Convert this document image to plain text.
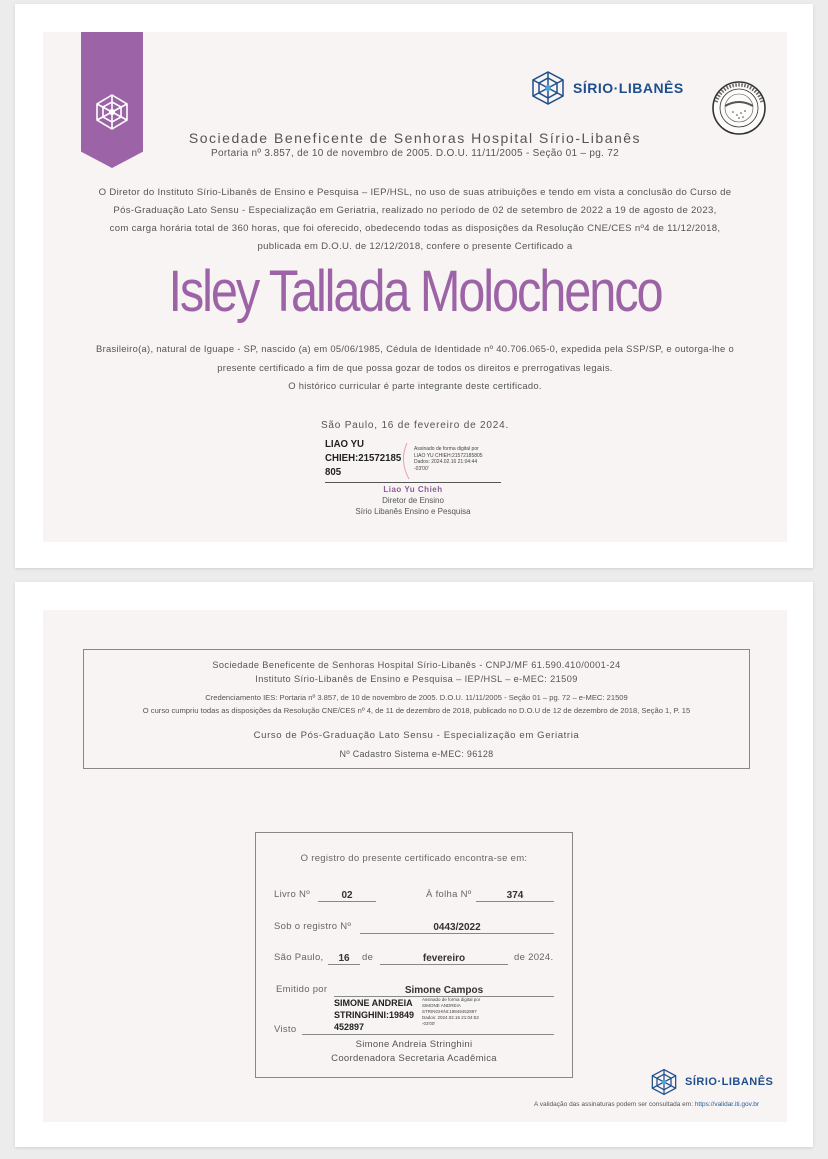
SÍRIO·LIBANÊS
Sociedade Beneficente de Senhoras Hospital Sírio-Libanês
Portaria nº 3.857, de 10 de novembro de 2005. D.O.U. 11/11/2005 - Seção 01 – pg. 72
O Diretor do Instituto Sírio-Libanês de Ensino e Pesquisa – IEP/HSL, no uso de suas atribuições e tendo em vista a conclusão do Curso de
Pós-Graduação Lato Sensu - Especialização em Geriatria, realizado no período de 02 de setembro de 2022 a 19 de agosto de 2023,
com carga horária total de 360 horas, que foi oferecido, obedecendo todas as disposições da Resolução CNE/CES nº4 de 11/12/2018,
publicada em D.O.U. de 12/12/2018, confere o presente Certificado a
Isley Tallada Molochenco
Brasileiro(a), natural de Iguape - SP, nascido (a) em 05/06/1985, Cédula de Identidade nº 40.706.065-0, expedida pela SSP/SP, e outorga-lhe o
presente certificado a fim de que possa gozar de todos os direitos e prerrogativas legais.
O histórico curricular é parte integrante deste certificado.
São Paulo, 16 de fevereiro de 2024.
LIAO YU
CHIEH:21572185
805
Assinado de forma digital por
LIAO YU CHIEH:21572185805
Dados: 2024.02.16 21:04:44
-03'00'
Liao Yu Chieh
Diretor de Ensino
Sírio Libanês Ensino e Pesquisa
Sociedade Beneficente de Senhoras Hospital Sírio-Libanês - CNPJ/MF 61.590.410/0001-24
Instituto Sírio-Libanês de Ensino e Pesquisa – IEP/HSL – e-MEC: 21509
Credenciamento IES: Portaria nº 3.857, de 10 de novembro de 2005. D.O.U. 11/11/2005 - Seção 01 – pg. 72 – e-MEC: 21509
O curso cumpriu todas as disposições da Resolução CNE/CES nº 4, de 11 de dezembro de 2018, publicado no D.O.U de 12 de dezembro de 2018, Seção 1, P. 15
Curso de Pós-Graduação Lato Sensu - Especialização em Geriatria
Nº Cadastro Sistema e-MEC: 96128
O registro do presente certificado encontra-se em:
Livro Nº	02	À folha Nº	374
Sob o registro Nº	0443/2022
São Paulo,	16	de	fevereiro	de 2024.
Emitido por	Simone Campos
SIMONE ANDREIA
STRINGHINI:19849
452897
Assinado de forma digital por
SIMONE ANDREIA
STRINGHINI:19849452897
Dados: 2024.02.16 21:04:53
-03'00'
Visto
Simone Andreia Stringhini
Coordenadora Secretaria Acadêmica
SÍRIO·LIBANÊS
A validação das assinaturas podem ser consultada em: https://validar.iti.gov.br
